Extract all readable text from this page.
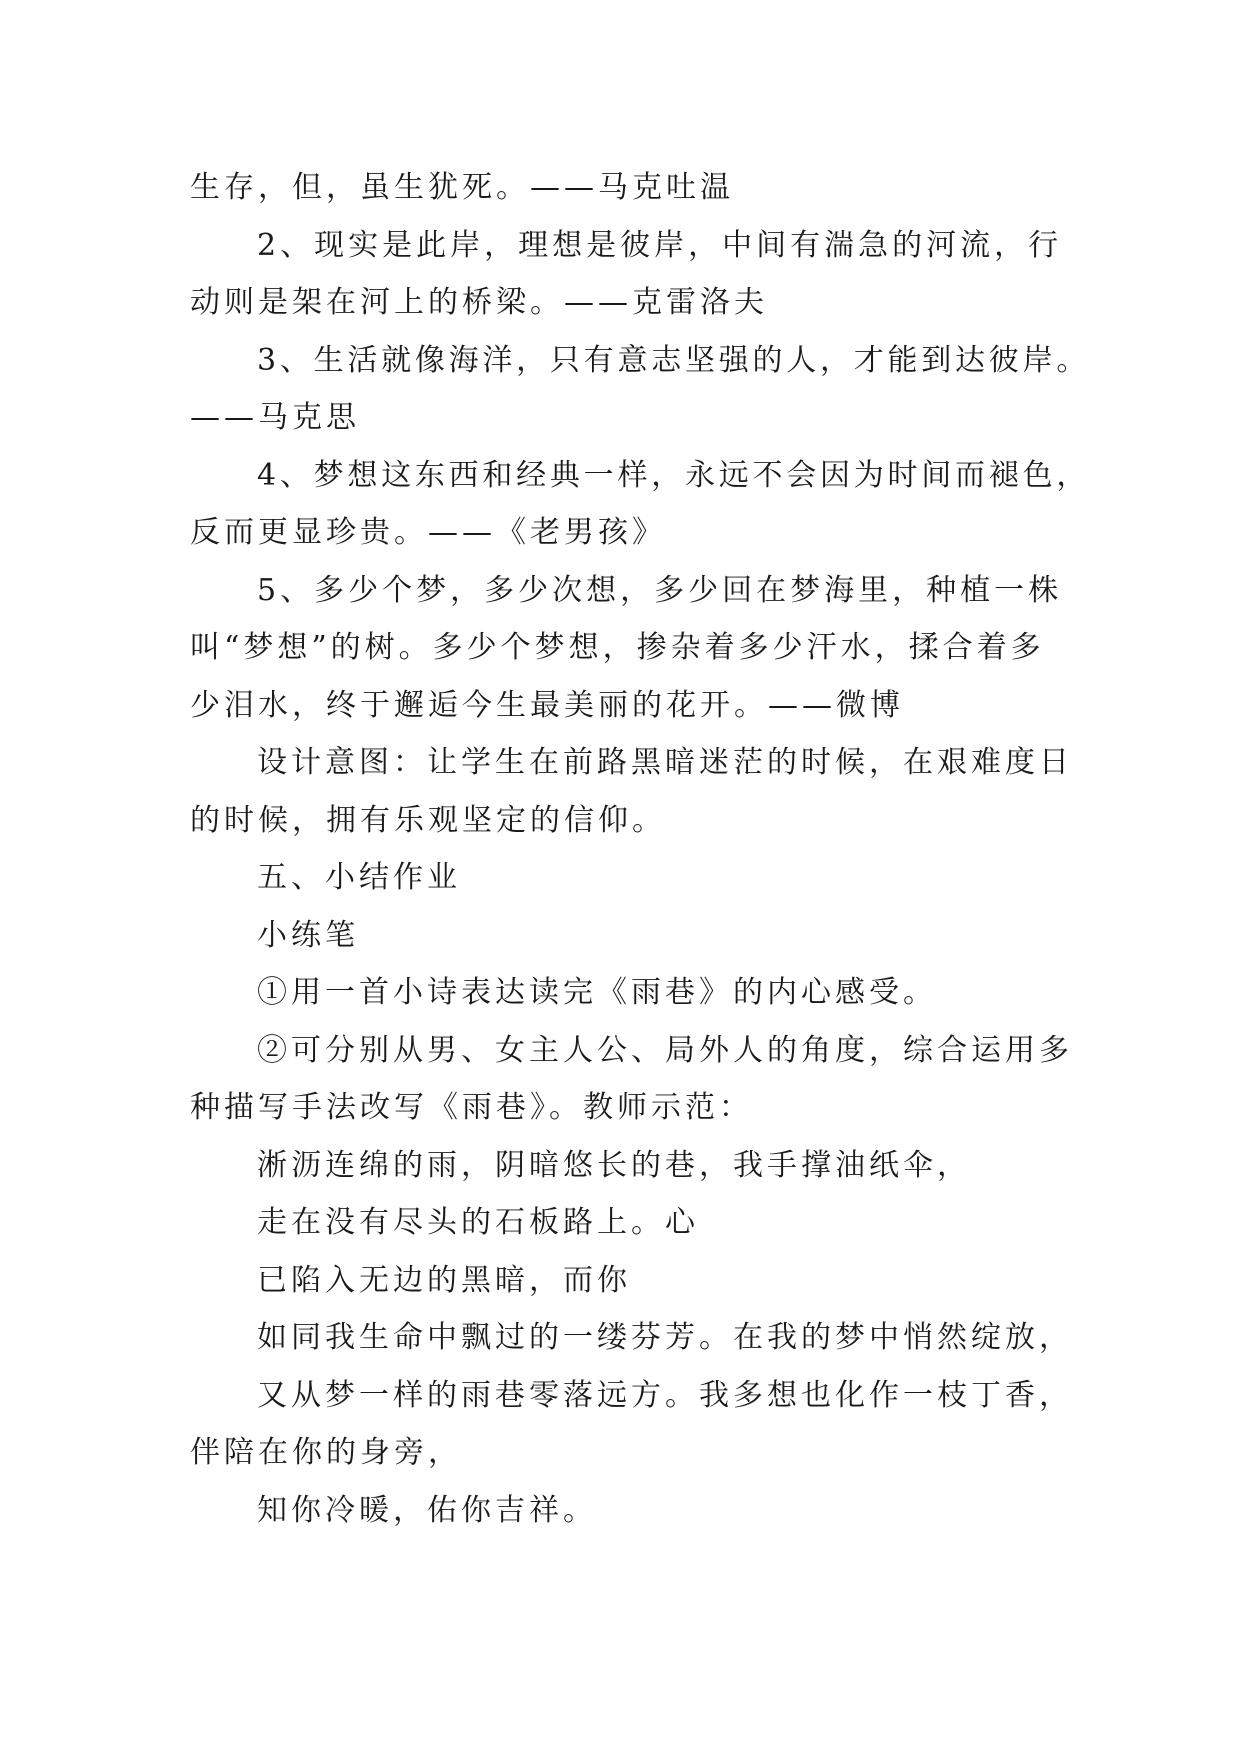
生存，但，虽生犹死。——马克吐温
2、现实是此岸，理想是彼岸，中间有湍急的河流，行
动则是架在河上的桥梁。——克雷洛夫
3、生活就像海洋，只有意志坚强的人，才能到达彼岸。
——马克思
4、梦想这东西和经典一样，永远不会因为时间而褪色，
反而更显珍贵。——《老男孩》
5、多少个梦，多少次想，多少回在梦海里，种植一株
叫“梦想”的树。多少个梦想，掺杂着多少汗水，揉合着多
少泪水，终于邂逅今生最美丽的花开。——微博
设计意图：让学生在前路黑暗迷茫的时候，在艰难度日
的时候，拥有乐观坚定的信仰。
五、小结作业
小练笔
①用一首小诗表达读完《雨巷》的内心感受。
②可分别从男、女主人公、局外人的角度，综合运用多
种描写手法改写《雨巷》。教师示范：
淅沥连绵的雨，阴暗悠长的巷，我手撑油纸伞，
走在没有尽头的石板路上。心
已陷入无边的黑暗，而你
如同我生命中飘过的一缕芬芳。在我的梦中悄然绽放，
又从梦一样的雨巷零落远方。我多想也化作一枝丁香，
伴陪在你的身旁，
知你冷暖，佑你吉祥。
